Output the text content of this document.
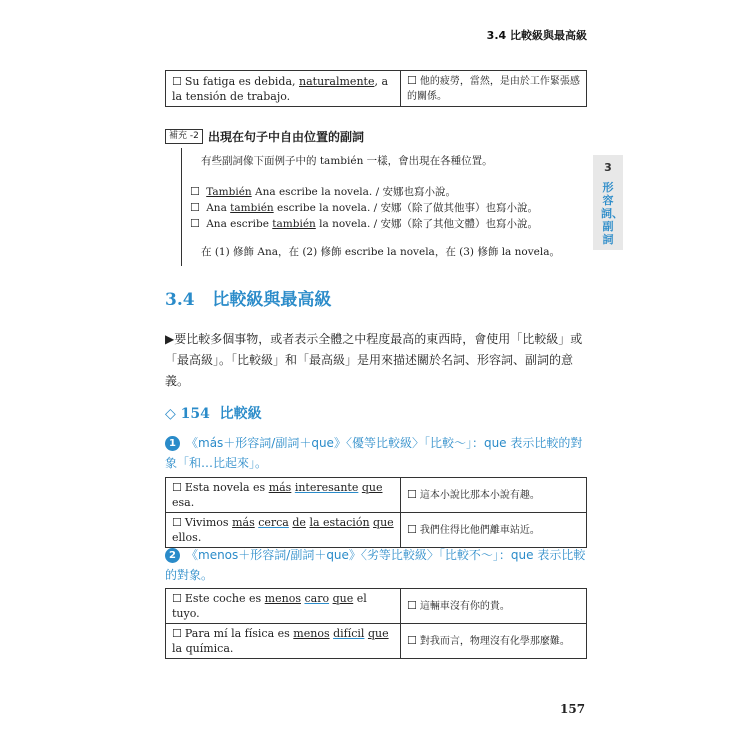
3.4 比較級與最高級
3
形容詞、副詞
☐ Su fatiga es debida, naturalmente, a la tensión de trabajo.	☐ 他的疲勞，當然，是由於工作緊張感的關係。
補充 -2 出現在句子中自由位置的副詞
有些副詞像下面例子中的 también 一樣，會出現在各種位置。
☐ También Ana escribe la novela. / 安娜也寫小說。
☐ Ana también escribe la novela. / 安娜（除了做其他事）也寫小說。
☐ Ana escribe también la novela. / 安娜（除了其他文體）也寫小說。
在 (1) 修飾 Ana，在 (2) 修飾 escribe la novela，在 (3) 修飾 la novela。
3.4 比較級與最高級
▶要比較多個事物，或者表示全體之中程度最高的東西時，會使用「比較級」或「最高級」。「比較級」和「最高級」是用來描述關於名詞、形容詞、副詞的意義。
◇ 154 比較級
1 《más＋形容詞/副詞＋que》〈優等比較級〉「比較～」：que 表示比較的對象「和…比起來」。
☐ Esta novela es más interesante que esa.	☐ 這本小說比那本小說有趣。
☐ Vivimos más cerca de la estación que ellos.	☐ 我們住得比他們離車站近。
2 《menos＋形容詞/副詞＋que》〈劣等比較級〉「比較不～」：que 表示比較的對象。
☐ Este coche es menos caro que el tuyo.	☐ 這輛車沒有你的貴。
☐ Para mí la física es menos difícil que la química.	☐ 對我而言，物理沒有化學那麼難。
157
